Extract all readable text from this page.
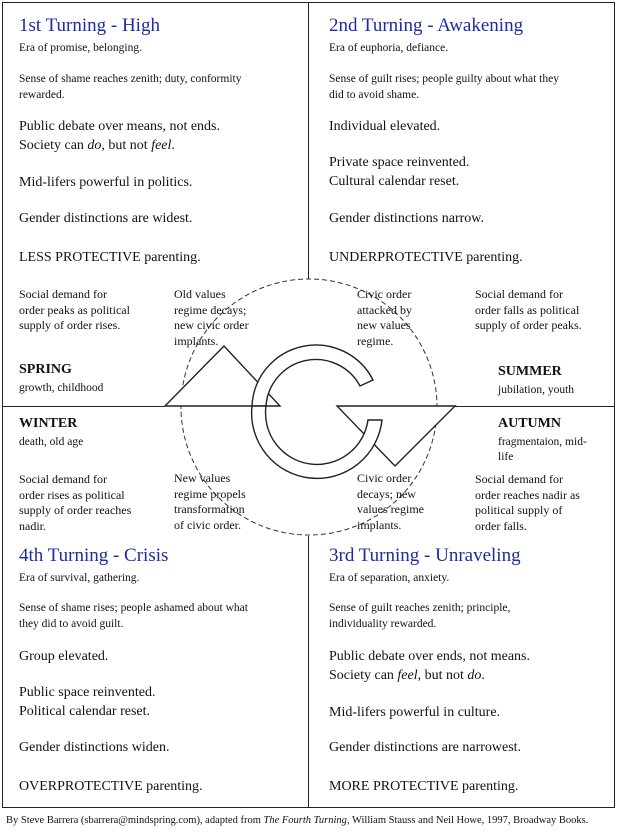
1st Turning - High

Era of promise, belonging.

Sense of shame reaches zenith; duty, conformity

rewarded.

Public debate over means, not ends.

Society can do, but not feel.

Mid-lifers powerful in politics.

Gender distinctions are widest.

LESS PROTECTIVE parenting.

2nd Turning - Awakening

Era of euphoria, defiance.

Sense of guilt rises; people guilty about what they

did to avoid shame.

Individual elevated.

Private space reinvented.

Cultural calendar reset.

Gender distinctions narrow.

UNDERPROTECTIVE parenting.

Social demand for
order peaks as political
supply of order rises.
Old values
regime decays;
new civic order
implants.
Civic order
attacked by
new values
regime.
Social demand for
order falls as political
supply of order peaks.

SPRING

growth, childhood

SUMMER

jubilation, youth

WINTER

death, old age

AUTUMN

fragmentaion, mid-
life
Social demand for
order rises as political
supply of order reaches
nadir.
New values
regime propels
transformation
of civic order.
Civic order
decays; new
values regime
implants.
Social demand for
order reaches nadir as
political supply of
order falls.

4th Turning - Crisis

Era of survival, gathering.

Sense of shame rises; people ashamed about what

they did to avoid guilt.

Group elevated.

Public space reinvented.

Political calendar reset.

Gender distinctions widen.

OVERPROTECTIVE parenting.

3rd Turning - Unraveling

Era of separation, anxiety.

Sense of guilt reaches zenith; principle,

individuality rewarded.

Public debate over ends, not means.

Society can feel, but not do.

Mid-lifers powerful in culture.

Gender distinctions are narrowest.

MORE PROTECTIVE parenting.

By Steve Barrera (sbarrera@mindspring.com), adapted from The Fourth Turning, William Stauss and Neil Howe, 1997, Broadway Books.
